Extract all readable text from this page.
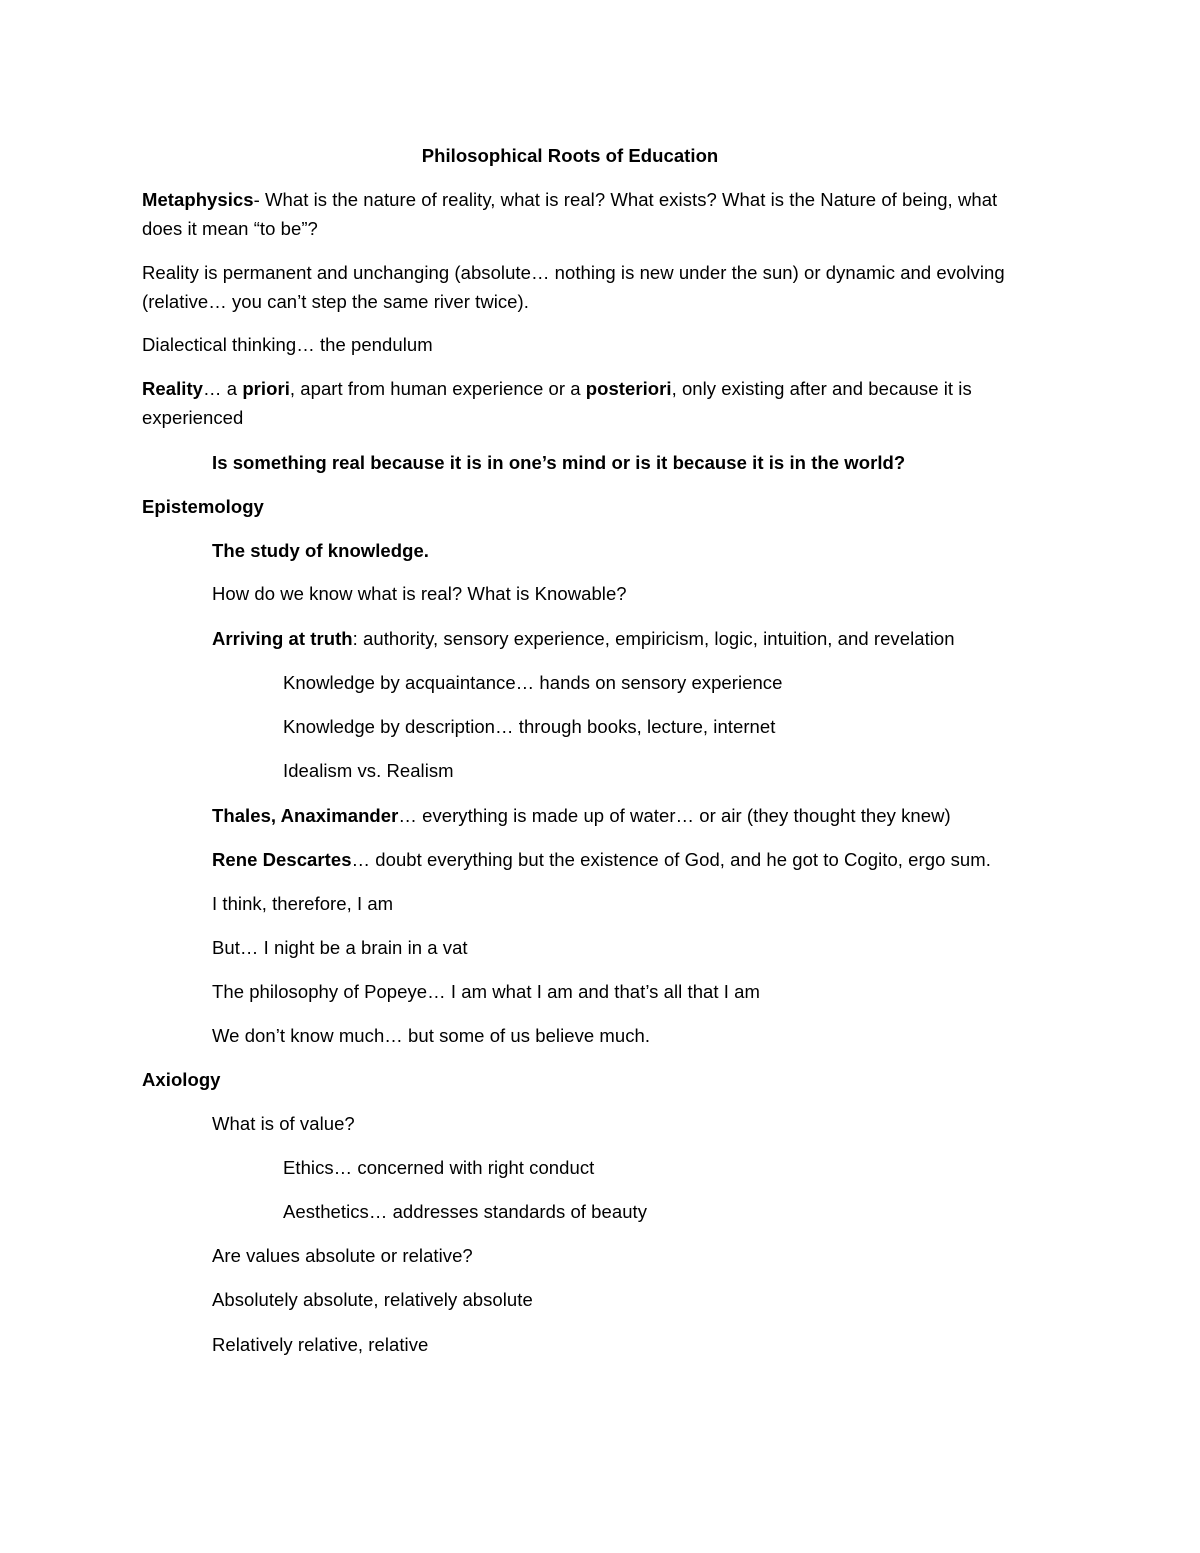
Philosophical Roots of Education
Metaphysics- What is the nature of reality, what is real? What exists? What is the Nature of being, what
does it mean “to be”?
Reality is permanent and unchanging (absolute… nothing is new under the sun) or dynamic and evolving
(relative… you can’t step the same river twice).
Dialectical thinking… the pendulum
Reality… a priori, apart from human experience or a posteriori, only existing after and because it is
experienced
Is something real because it is in one’s mind or is it because it is in the world?
Epistemology
The study of knowledge.
How do we know what is real? What is Knowable?
Arriving at truth: authority, sensory experience, empiricism, logic, intuition, and revelation
Knowledge by acquaintance… hands on sensory experience
Knowledge by description… through books, lecture, internet
Idealism vs. Realism
Thales, Anaximander… everything is made up of water… or air (they thought they knew)
Rene Descartes… doubt everything but the existence of God, and he got to Cogito, ergo sum.
I think, therefore, I am
But… I night be a brain in a vat
The philosophy of Popeye… I am what I am and that’s all that I am
We don’t know much… but some of us believe much.
Axiology
What is of value?
Ethics… concerned with right conduct
Aesthetics… addresses standards of beauty
Are values absolute or relative?
Absolutely absolute, relatively absolute
Relatively relative, relative
